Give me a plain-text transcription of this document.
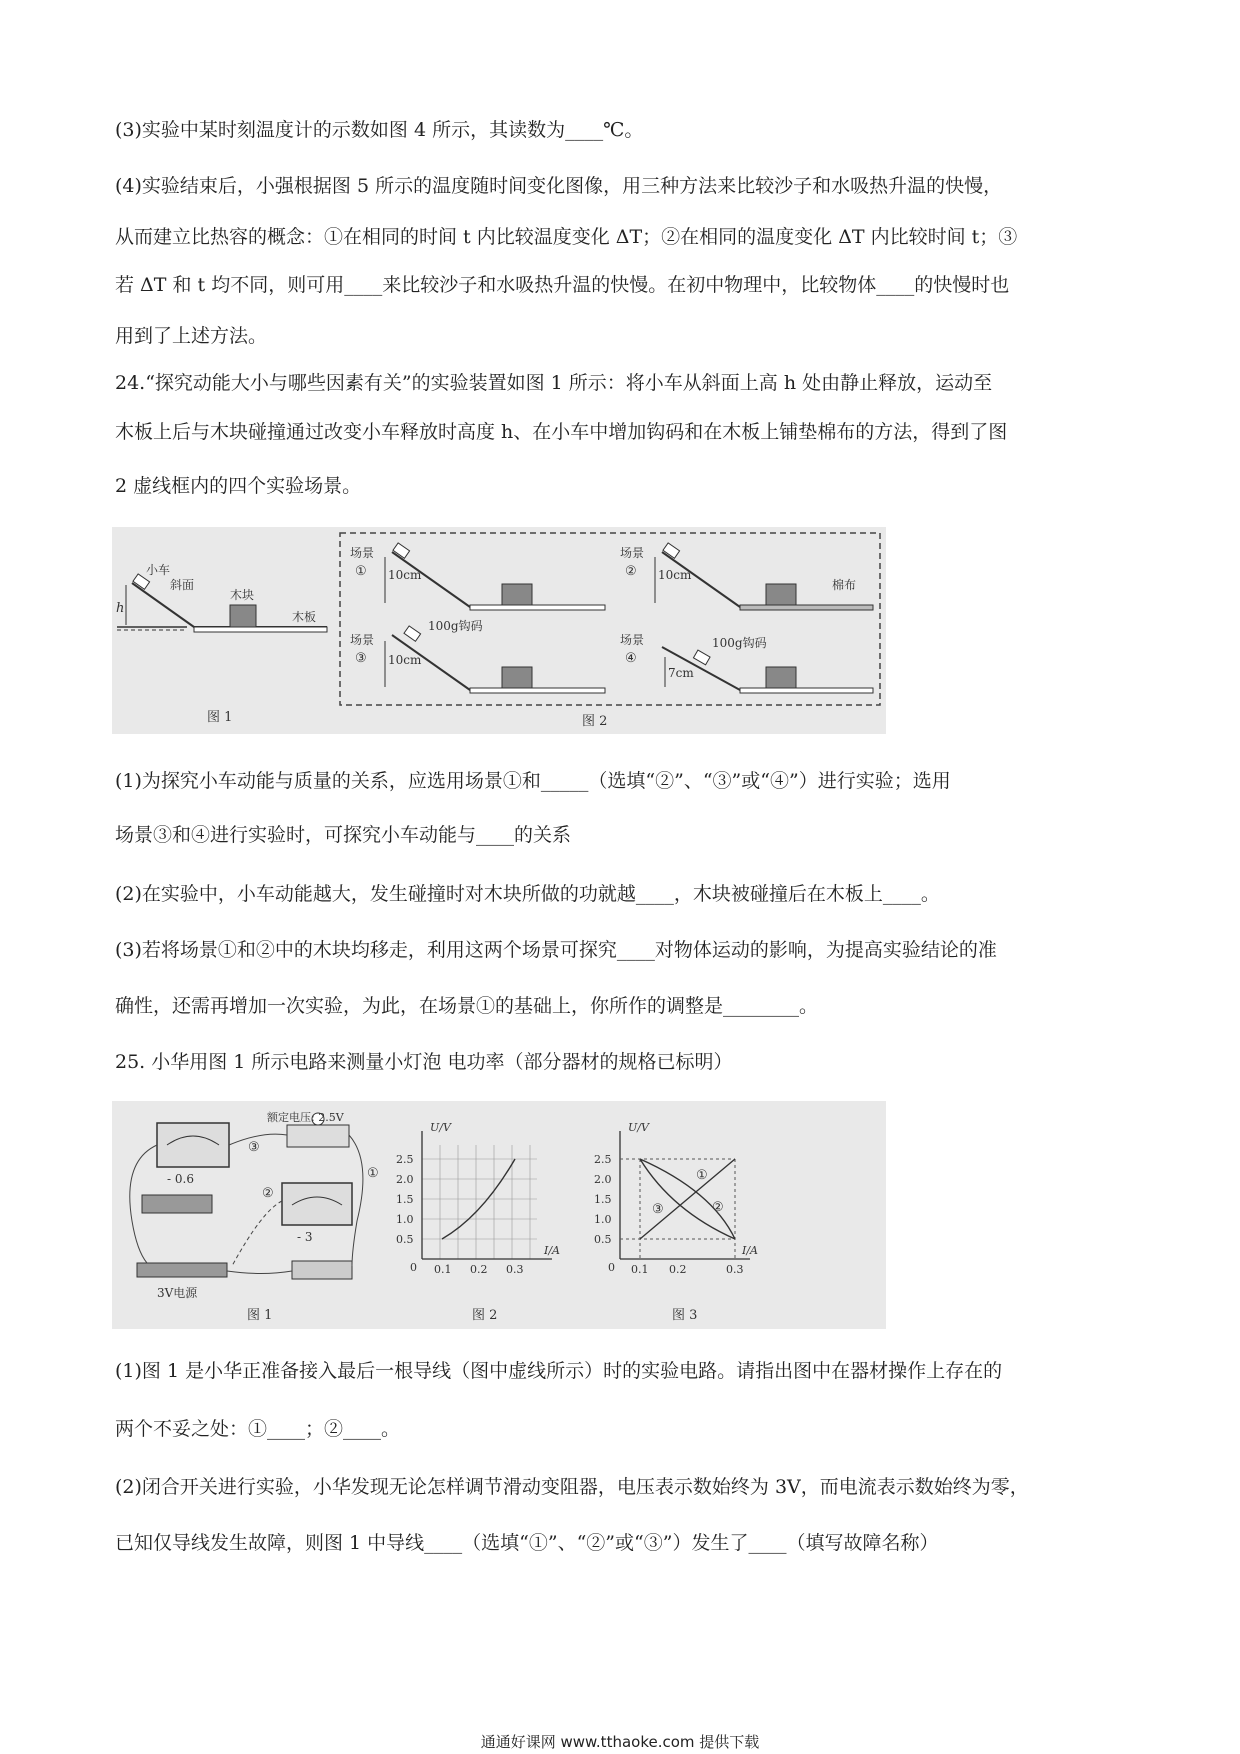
(3)实验中某时刻温度计的示数如图 4 所示，其读数为____℃。
(4)实验结束后，小强根据图 5 所示的温度随时间变化图像，用三种方法来比较沙子和水吸热升温的快慢，
从而建立比热容的概念：①在相同的时间 t 内比较温度变化 ΔT；②在相同的温度变化 ΔT 内比较时间 t；③
若 ΔT 和 t 均不同，则可用____来比较沙子和水吸热升温的快慢。在初中物理中，比较物体____的快慢时也
用到了上述方法。
24.“探究动能大小与哪些因素有关”的实验装置如图 1 所示：将小车从斜面上高 h 处由静止释放，运动至
木板上后与木块碰撞通过改变小车释放时高度 h、在小车中增加钩码和在木板上铺垫棉布的方法，得到了图
2 虚线框内的四个实验场景。
小车
斜面
木块
木板
h
图 1
场景
① 10cm
场景
② 10cm
棉布
场景
③ 10cm
100g钩码
场景
④
7cm
100g钩码
图 2
(1)为探究小车动能与质量的关系，应选用场景①和_____（选填“②”、“③”或“④”）进行实验；选用
场景③和④进行实验时，可探究小车动能与____的关系
(2)在实验中，小车动能越大，发生碰撞时对木块所做的功就越____，木块被碰撞后在木板上____。
(3)若将场景①和②中的木块均移走，利用这两个场景可探究____对物体运动的影响，为提高实验结论的准
确性，还需再增加一次实验，为此，在场景①的基础上，你所作的调整是________。
25. 小华用图 1 所示电路来测量小灯泡 电功率（部分器材的规格已标明）
- 0.6
- 3
3V电源
额定电压: 2.5V
③
②
①
图 1
U/V
I/A
0
0.5
1.0
1.5
2.0
2.5
0.1 0.2 0.3
图 2
U/V
I/A
0
0.5
1.0
1.5
2.0
2.5
0.1 0.2	0.3
①
②
③
图 3
(1)图 1 是小华正准备接入最后一根导线（图中虚线所示）时的实验电路。请指出图中在器材操作上存在的
两个不妥之处：①____；②____。
(2)闭合开关进行实验，小华发现无论怎样调节滑动变阻器，电压表示数始终为 3V，而电流表示数始终为零，
已知仅导线发生故障，则图 1 中导线____（选填“①”、“②”或“③”）发生了____（填写故障名称）
通通好课网 www.tthaoke.com 提供下载
